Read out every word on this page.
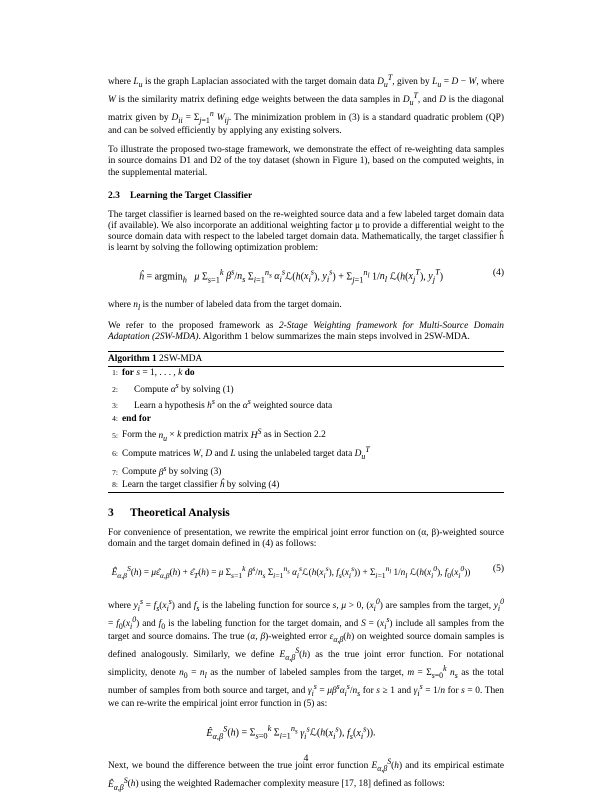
where $L_u$ is the graph Laplacian associated with the target domain data $D_u^T$, given by $L_u = D - W$, where W is the similarity matrix defining edge weights between the data samples in $D_u^T$, and D is the diagonal matrix given by $D_{ii} = \Sigma_{j=1}^n$ $W_{ij}$. The minimization problem in (3) is a standard quadratic problem (QP) and can be solved efficiently by applying any existing solvers.

To illustrate the proposed two-stage framework, we demonstrate the effect of re-weighting data samples in source domains D1 and D2 of the toy dataset (shown in Figure 1), based on the computed weights, in the supplemental material.

2.3 Learning the Target Classifier

The target classifier is learned based on the re-weighted source data and a few labeled target domain data (if available). We also incorporate an additional weighting factor μ to provide a differential weight to the source domain data with respect to the labeled target domain data. Mathematically, the target classifier ĥ is learnt by solving the following optimization problem:

ĥ = argmin$_h$ μ $\Sigma_{s=1}^k$ $\beta^s/n_s$ $\Sigma_{i=1}^{n_s}$ $\alpha_i^sℒ(h(x_i^s)$, $y_i^s) + \Sigma_{j=1}^{n_l}$ $1/n_l$ $ℒ(h(x_j^T)$, $y_j^T$)	(4)

where $n_l$ is the number of labeled data from the target domain.

We refer to the proposed framework as 2-Stage Weighting framework for Multi-Source Domain Adaptation (2SW-MDA). Algorithm 1 below summarizes the main steps involved in 2SW-MDA.

Algorithm 1 2SW-MDA
1: for s = 1, . . . , k do
2: Compute $\alpha^s$ by solving (1)
3: Learn a hypothesis $h^s$ on the $\alpha^s$ weighted source data
4: end for
5: Form the $n_u \times k$ prediction matrix $H^S$ as in Section 2.2
6: Compute matrices W, D and L using the unlabeled target data $D_u^T$
7: Compute $\beta^s$ by solving (3)
8: Learn the target classifier ĥ by solving (4)
3 Theoretical Analysis

For convenience of presentation, we rewrite the empirical joint error function on (α, β)-weighted source domain and the target domain defined in (4) as follows:

$Ê_{\alpha,\beta}^S(h)$ = $\mu\varepsilon̂_{\alpha,\beta}(h)$ + $\varepsilon̂_T(h) = \mu$ $\Sigma_{s=1}^k$ $\beta^s/n_s$ $\Sigma_{i=1}^{n_s}$ $\alpha_i^sℒ(h(x_i^s)$, $f_s(x_i^s)) + \Sigma_{i=1}^{n_l}$ $1/n_l$ $ℒ(h(x_i^0)$, $f_0(x_i^0)$)	(5)

where $y_i^s = f_s(x_i^s)$ and $f_s$ is the labeling function for source s, μ > 0, $(x_i^0)$ are samples from the target, $y_i^0 = f_0(x_i^0)$ and $f_0$ is the labeling function for the target domain, and $S = (x_i^s)$ include all samples from the target and source domains. The true (α, β)-weighted error $\varepsilon_{\alpha,\beta}(h)$ on weighted source domain samples is defined analogously. Similarly, we define $E_{\alpha,\beta}^S(h)$ as the true joint error function. For notational simplicity, denote $n_0 = n_l$ as the number of labeled samples from the target, $m = \Sigma_{s=0}^k$ $n_s$ as the total number of samples from both source and target, and $\gamma_i^s = \mu\beta^s\alpha_i^s/n_s$ for s ≥ 1 and $\gamma_i^s = 1/n$ for s = 0. Then we can re-write the empirical joint error function in (5) as:

$Ê_{\alpha,\beta}^S(h) = \Sigma_{s=0}^k$ $\Sigma_{i=1}^{n_s}$ $\gamma_i^sℒ(h(x_i^s)$, $f_s(x_i^s)$).

Next, we bound the difference between the true joint error function $E_{\alpha,\beta}^S(h)$ and its empirical estimate $Ê_{\alpha,\beta}^S(h)$ using the weighted Rademacher complexity measure [17, 18] defined as follows:

4
